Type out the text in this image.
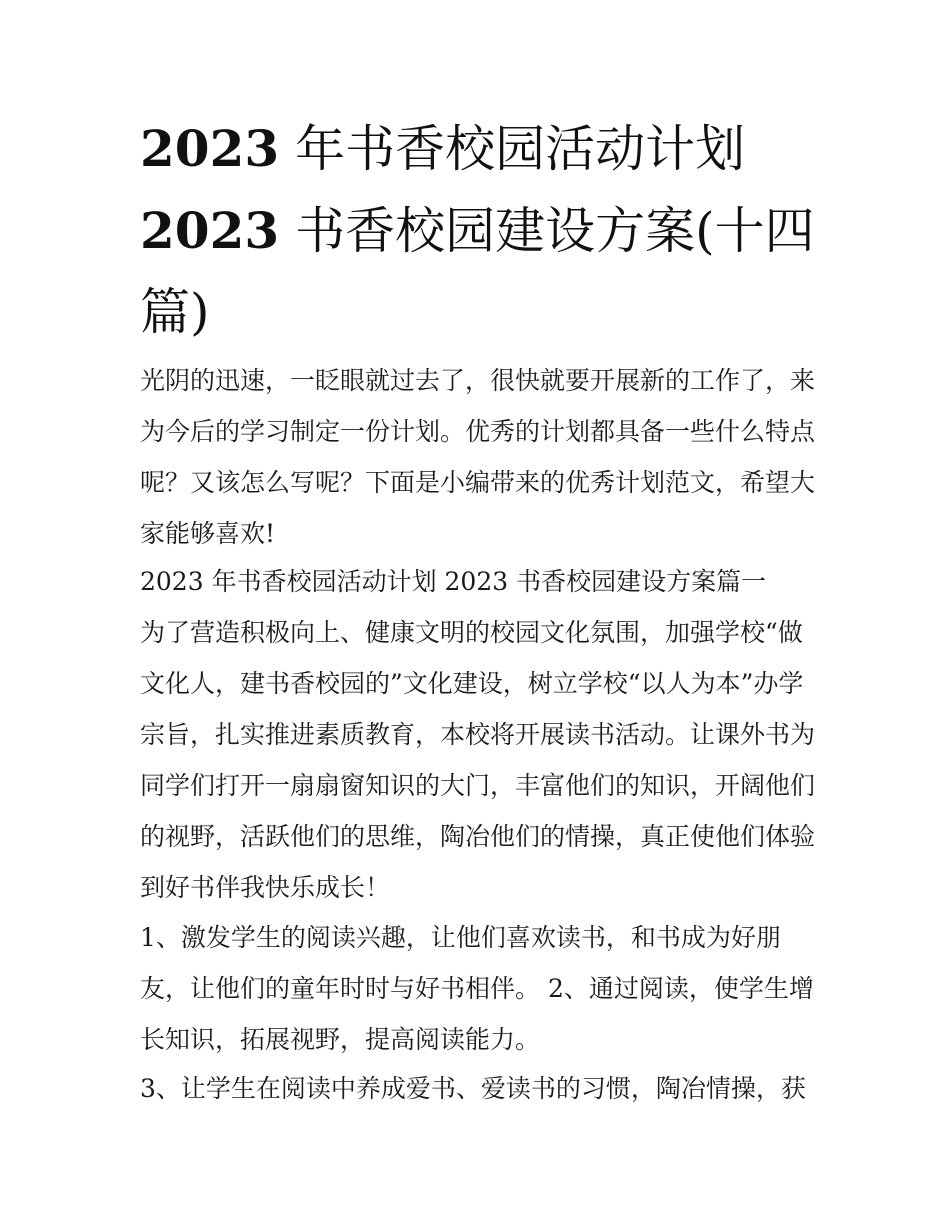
2023 年书香校园活动计划
2023 书香校园建设方案(十四
篇)
光阴的迅速，一眨眼就过去了，很快就要开展新的工作了，来
为今后的学习制定一份计划。优秀的计划都具备一些什么特点
呢？又该怎么写呢？下面是小编带来的优秀计划范文，希望大
家能够喜欢!
2023 年书香校园活动计划 2023 书香校园建设方案篇一
为了营造积极向上、健康文明的校园文化氛围，加强学校“做
文化人，建书香校园的”文化建设，树立学校“以人为本”办学
宗旨，扎实推进素质教育，本校将开展读书活动。让课外书为
同学们打开一扇扇窗知识的大门，丰富他们的知识，开阔他们
的视野，活跃他们的思维，陶冶他们的情操，真正使他们体验
到好书伴我快乐成长！
1、激发学生的阅读兴趣，让他们喜欢读书，和书成为好朋
友，让他们的童年时时与好书相伴。 2、通过阅读，使学生增
长知识，拓展视野，提高阅读能力。
3、让学生在阅读中养成爱书、爱读书的习惯，陶冶情操，获
